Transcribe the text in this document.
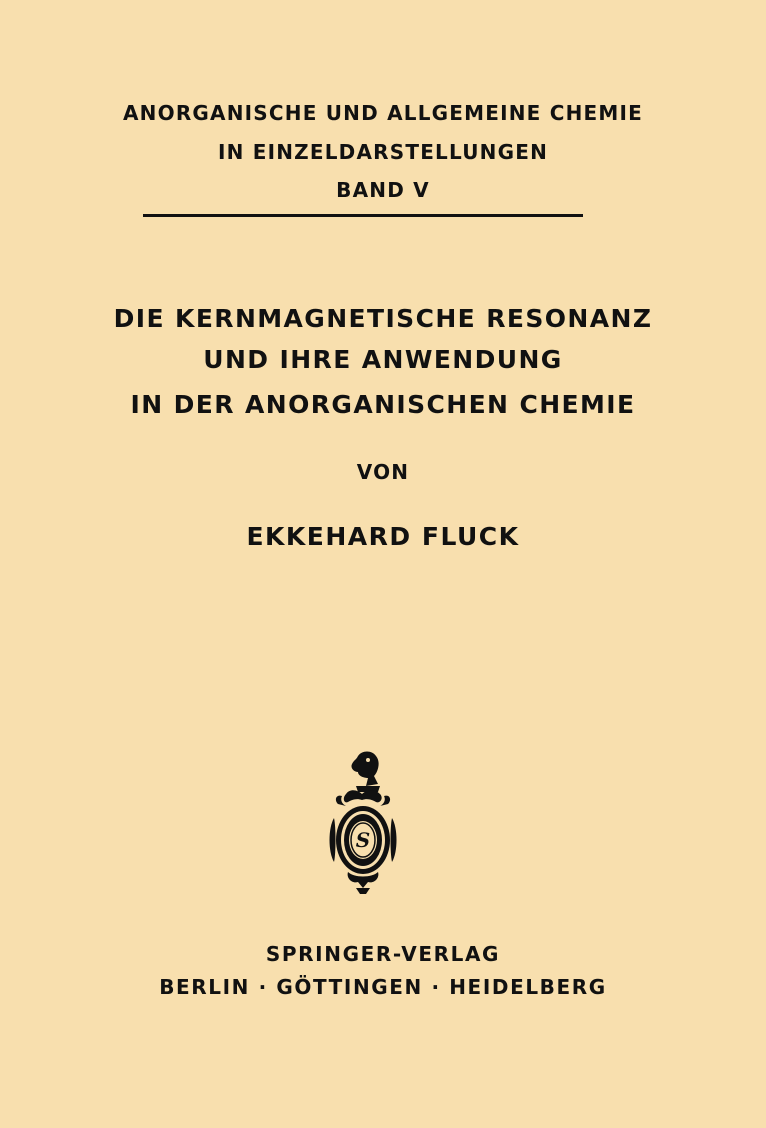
ANORGANISCHE UND ALLGEMEINE CHEMIE
IN EINZELDARSTELLUNGEN
BAND V
DIE KERNMAGNETISCHE RESONANZ
UND IHRE ANWENDUNG
IN DER ANORGANISCHEN CHEMIE
VON
EKKEHARD FLUCK
S
SPRINGER-VERLAG
BERLIN · GÖTTINGEN · HEIDELBERG
